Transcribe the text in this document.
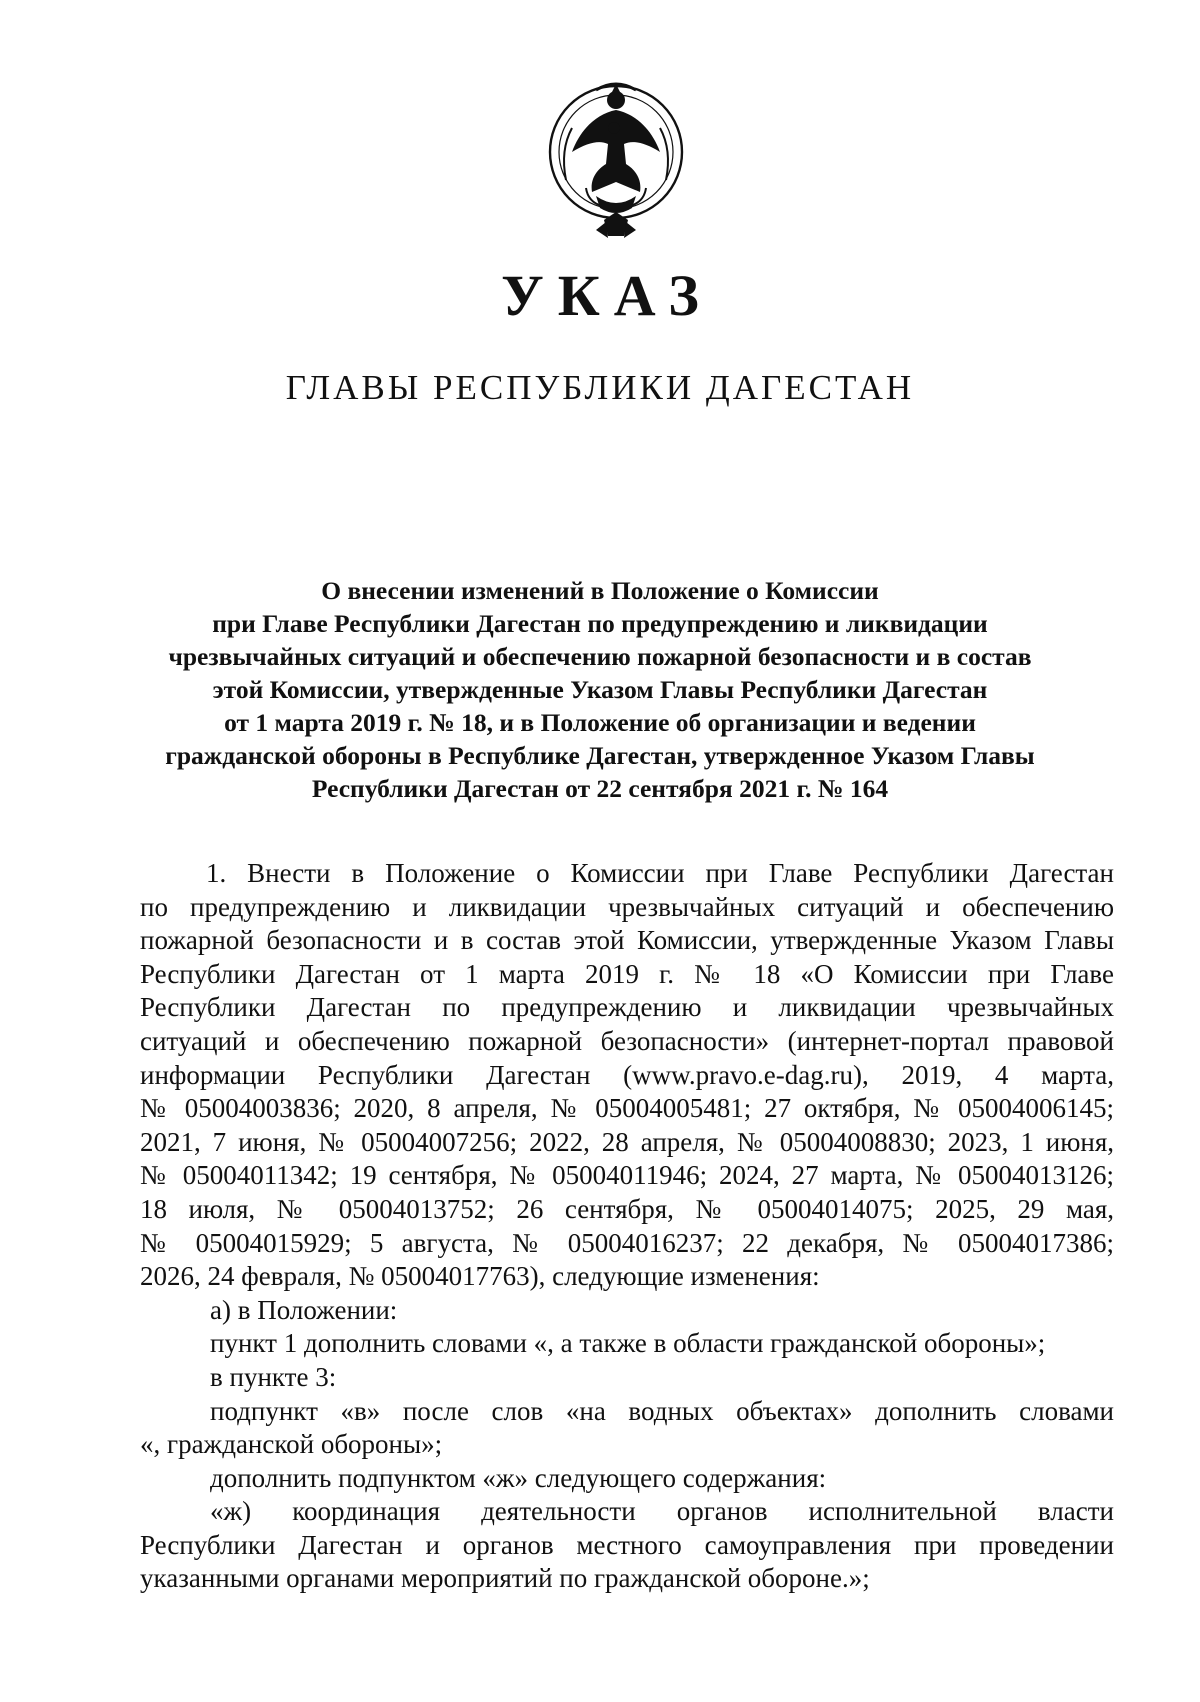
УКАЗ
ГЛАВЫ РЕСПУБЛИКИ ДАГЕСТАН
О внесении изменений в Положение о Комиссии
при Главе Республики Дагестан по предупреждению и ликвидации
чрезвычайных ситуаций и обеспечению пожарной безопасности и в состав
этой Комиссии, утвержденные Указом Главы Республики Дагестан
от 1 марта 2019 г. № 18, и в Положение об организации и ведении
гражданской обороны в Республике Дагестан, утвержденное Указом Главы
Республики Дагестан от 22 сентября 2021 г. № 164
1. Внести в Положение о Комиссии при Главе Республики Дагестан
по предупреждению и ликвидации чрезвычайных ситуаций и обеспечению
пожарной безопасности и в состав этой Комиссии, утвержденные Указом Главы
Республики Дагестан от 1 марта 2019 г. № 18 «О Комиссии при Главе
Республики Дагестан по предупреждению и ликвидации чрезвычайных
ситуаций и обеспечению пожарной безопасности» (интернет-портал правовой
информации Республики Дагестан (www.pravo.e-dag.ru), 2019, 4 марта,
№ 05004003836; 2020, 8 апреля, № 05004005481; 27 октября, № 05004006145;
2021, 7 июня, № 05004007256; 2022, 28 апреля, № 05004008830; 2023, 1 июня,
№ 05004011342; 19 сентября, № 05004011946; 2024, 27 марта, № 05004013126;
18 июля, № 05004013752; 26 сентября, № 05004014075; 2025, 29 мая,
№ 05004015929; 5 августа, № 05004016237; 22 декабря, № 05004017386;
2026, 24 февраля, № 05004017763), следующие изменения:
а) в Положении:
пункт 1 дополнить словами «, а также в области гражданской обороны»;
в пункте 3:
подпункт «в» после слов «на водных объектах» дополнить словами
«, гражданской обороны»;
дополнить подпунктом «ж» следующего содержания:
«ж) координация деятельности органов исполнительной власти
Республики Дагестан и органов местного самоуправления при проведении
указанными органами мероприятий по гражданской обороне.»;
